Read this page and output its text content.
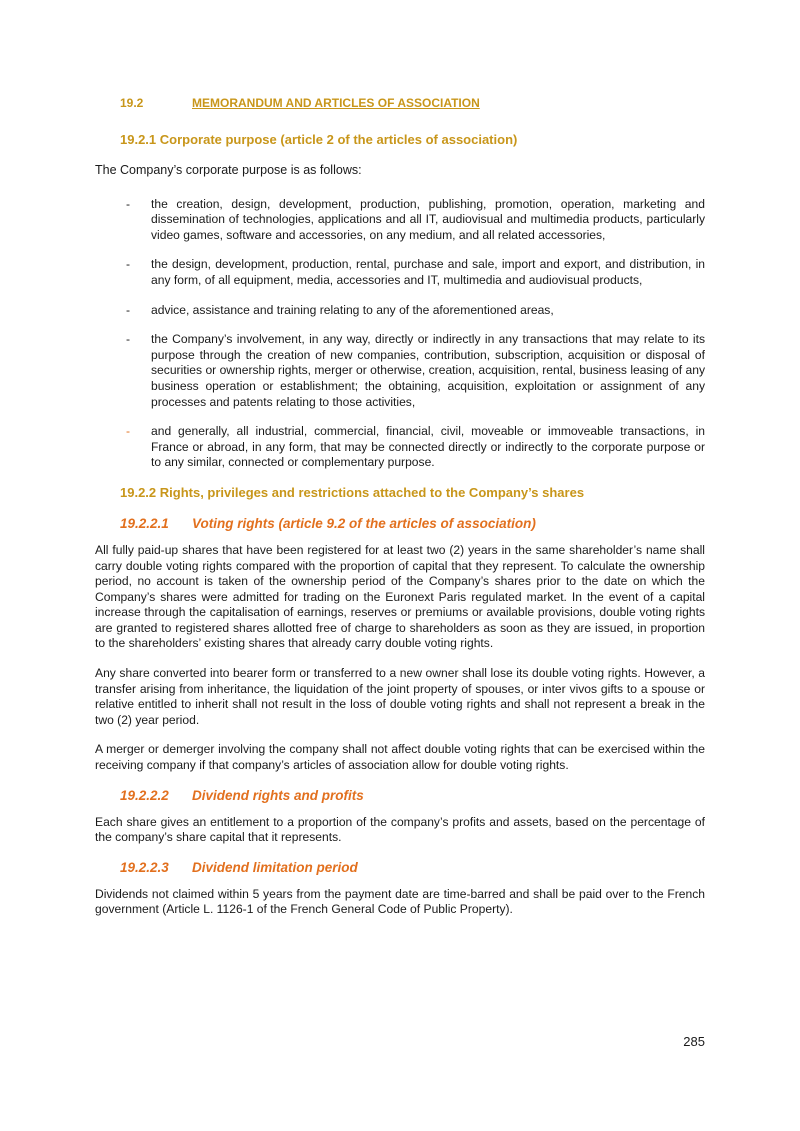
19.2	MEMORANDUM AND ARTICLES OF ASSOCIATION
19.2.1 Corporate purpose (article 2 of the articles of association)

The Company’s corporate purpose is as follows:

- the creation, design, development, production, publishing, promotion, operation, marketing and dissemination of technologies, applications and all IT, audiovisual and multimedia products, particularly video games, software and accessories, on any medium, and all related accessories,
- the design, development, production, rental, purchase and sale, import and export, and distribution, in any form, of all equipment, media, accessories and IT, multimedia and audiovisual products,
- advice, assistance and training relating to any of the aforementioned areas,
- the Company’s involvement, in any way, directly or indirectly in any transactions that may relate to its purpose through the creation of new companies, contribution, subscription, acquisition or disposal of securities or ownership rights, merger or otherwise, creation, acquisition, rental, business leasing of any business operation or establishment; the obtaining, acquisition, exploitation or assignment of any processes and patents relating to those activities,
- and generally, all industrial, commercial, financial, civil, moveable or immoveable transactions, in France or abroad, in any form, that may be connected directly or indirectly to the corporate purpose or to any similar, connected or complementary purpose.
19.2.2 Rights, privileges and restrictions attached to the Company’s shares
19.2.2.1	Voting rights (article 9.2 of the articles of association)

All fully paid-up shares that have been registered for at least two (2) years in the same shareholder’s name shall carry double voting rights compared with the proportion of capital that they represent. To calculate the ownership period, no account is taken of the ownership period of the Company’s shares prior to the date on which the Company’s shares were admitted for trading on the Euronext Paris regulated market. In the event of a capital increase through the capitalisation of earnings, reserves or premiums or available provisions, double voting rights are granted to registered shares allotted free of charge to shareholders as soon as they are issued, in proportion to the shareholders’ existing shares that already carry double voting rights.

Any share converted into bearer form or transferred to a new owner shall lose its double voting rights. However, a transfer arising from inheritance, the liquidation of the joint property of spouses, or inter vivos gifts to a spouse or relative entitled to inherit shall not result in the loss of double voting rights and shall not represent a break in the two (2) year period.

A merger or demerger involving the company shall not affect double voting rights that can be exercised within the receiving company if that company’s articles of association allow for double voting rights.

19.2.2.2	Dividend rights and profits

Each share gives an entitlement to a proportion of the company’s profits and assets, based on the percentage of the company’s share capital that it represents.

19.2.2.3	Dividend limitation period

Dividends not claimed within 5 years from the payment date are time-barred and shall be paid over to the French government (Article L. 1126-1 of the French General Code of Public Property).

285
